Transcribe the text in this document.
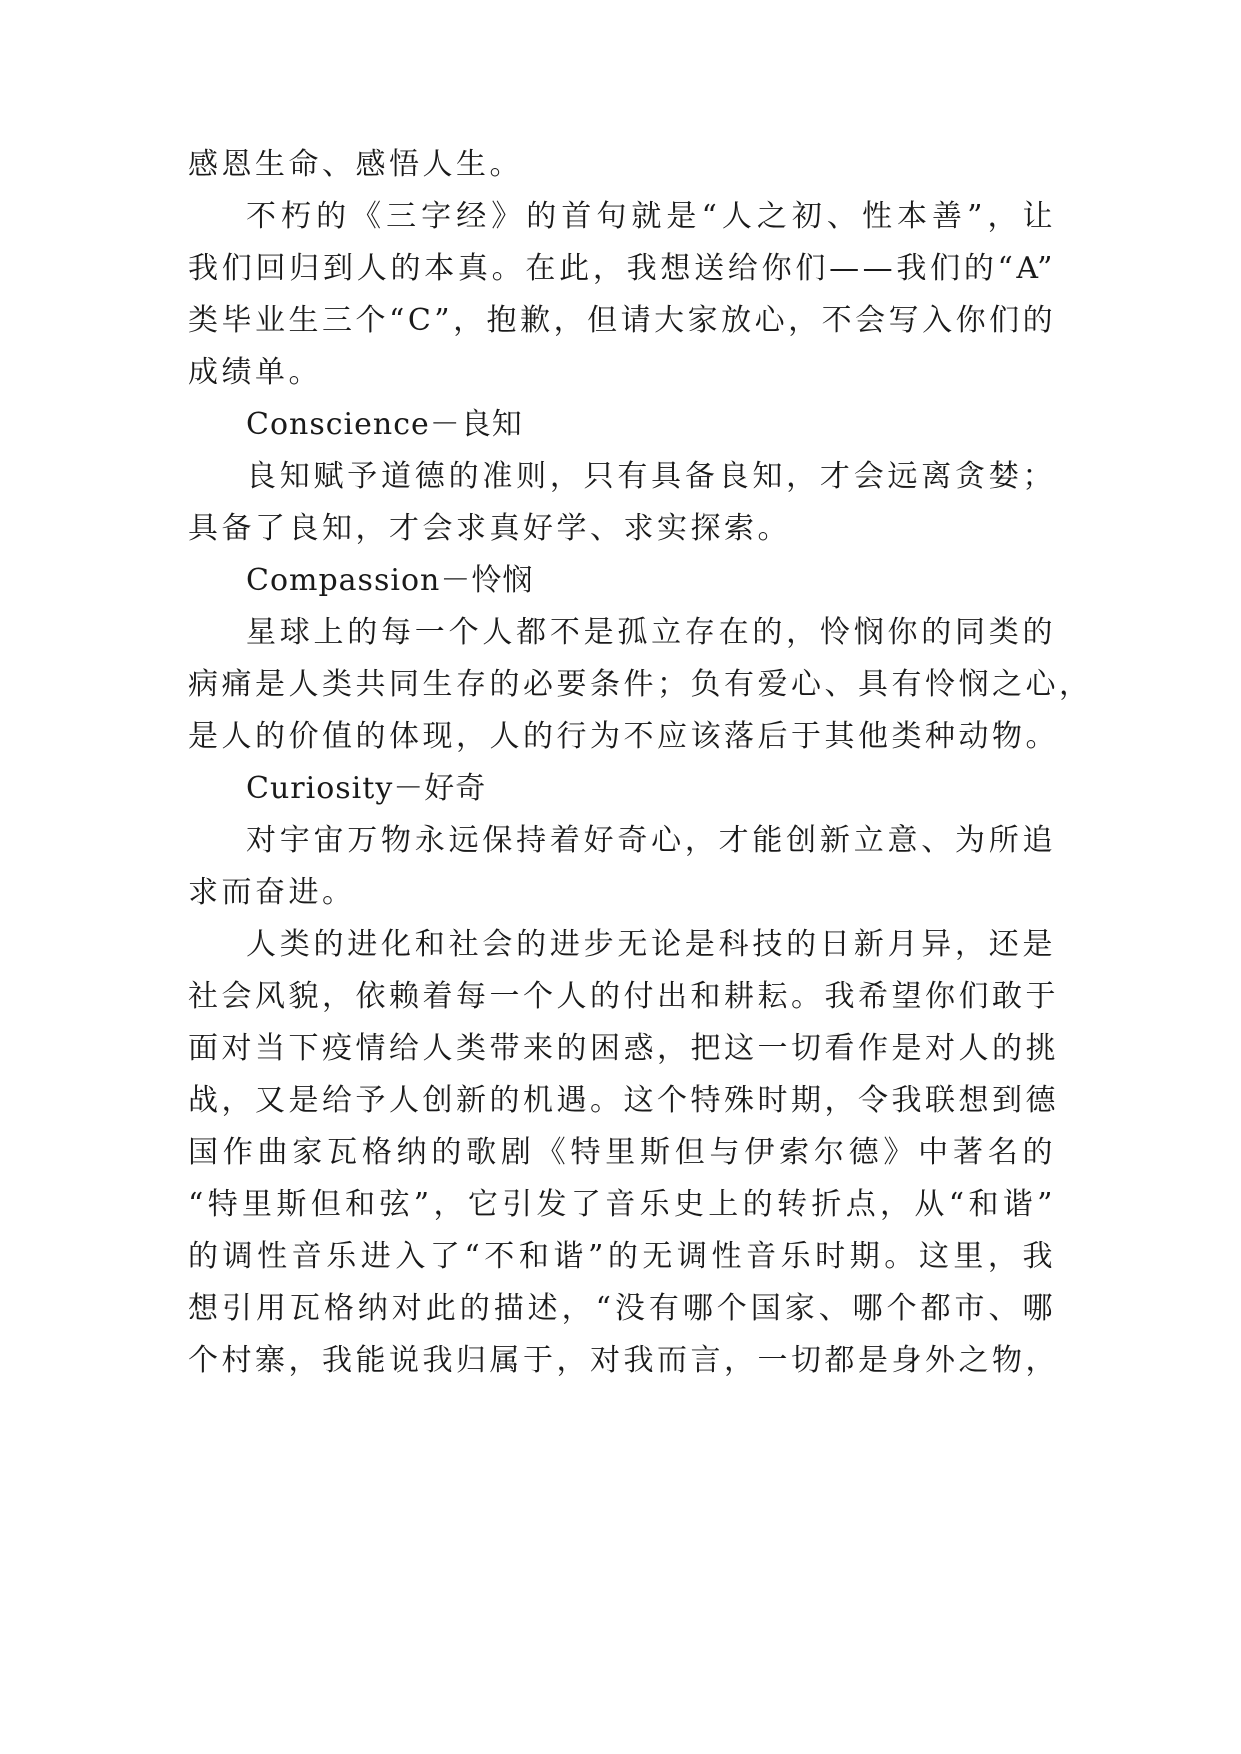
感恩生命、感悟人生。
不朽的《三字经》的首句就是“人之初、性本善”，让
我们回归到人的本真。在此，我想送给你们——我们的“A”
类毕业生三个“C”，抱歉，但请大家放心，不会写入你们的
成绩单。
Conscience－良知
良知赋予道德的准则，只有具备良知，才会远离贪婪；
具备了良知，才会求真好学、求实探索。
Compassion－怜悯
星球上的每一个人都不是孤立存在的，怜悯你的同类的
病痛是人类共同生存的必要条件；负有爱心、具有怜悯之心，
是人的价值的体现，人的行为不应该落后于其他类种动物。
Curiosity－好奇
对宇宙万物永远保持着好奇心，才能创新立意、为所追
求而奋进。
人类的进化和社会的进步无论是科技的日新月异，还是
社会风貌，依赖着每一个人的付出和耕耘。我希望你们敢于
面对当下疫情给人类带来的困惑，把这一切看作是对人的挑
战，又是给予人创新的机遇。这个特殊时期，令我联想到德
国作曲家瓦格纳的歌剧《特里斯但与伊索尔德》中著名的
“特里斯但和弦”，它引发了音乐史上的转折点，从“和谐”
的调性音乐进入了“不和谐”的无调性音乐时期。这里，我
想引用瓦格纳对此的描述，“没有哪个国家、哪个都市、哪
个村寨，我能说我归属于，对我而言，一切都是身外之物，
